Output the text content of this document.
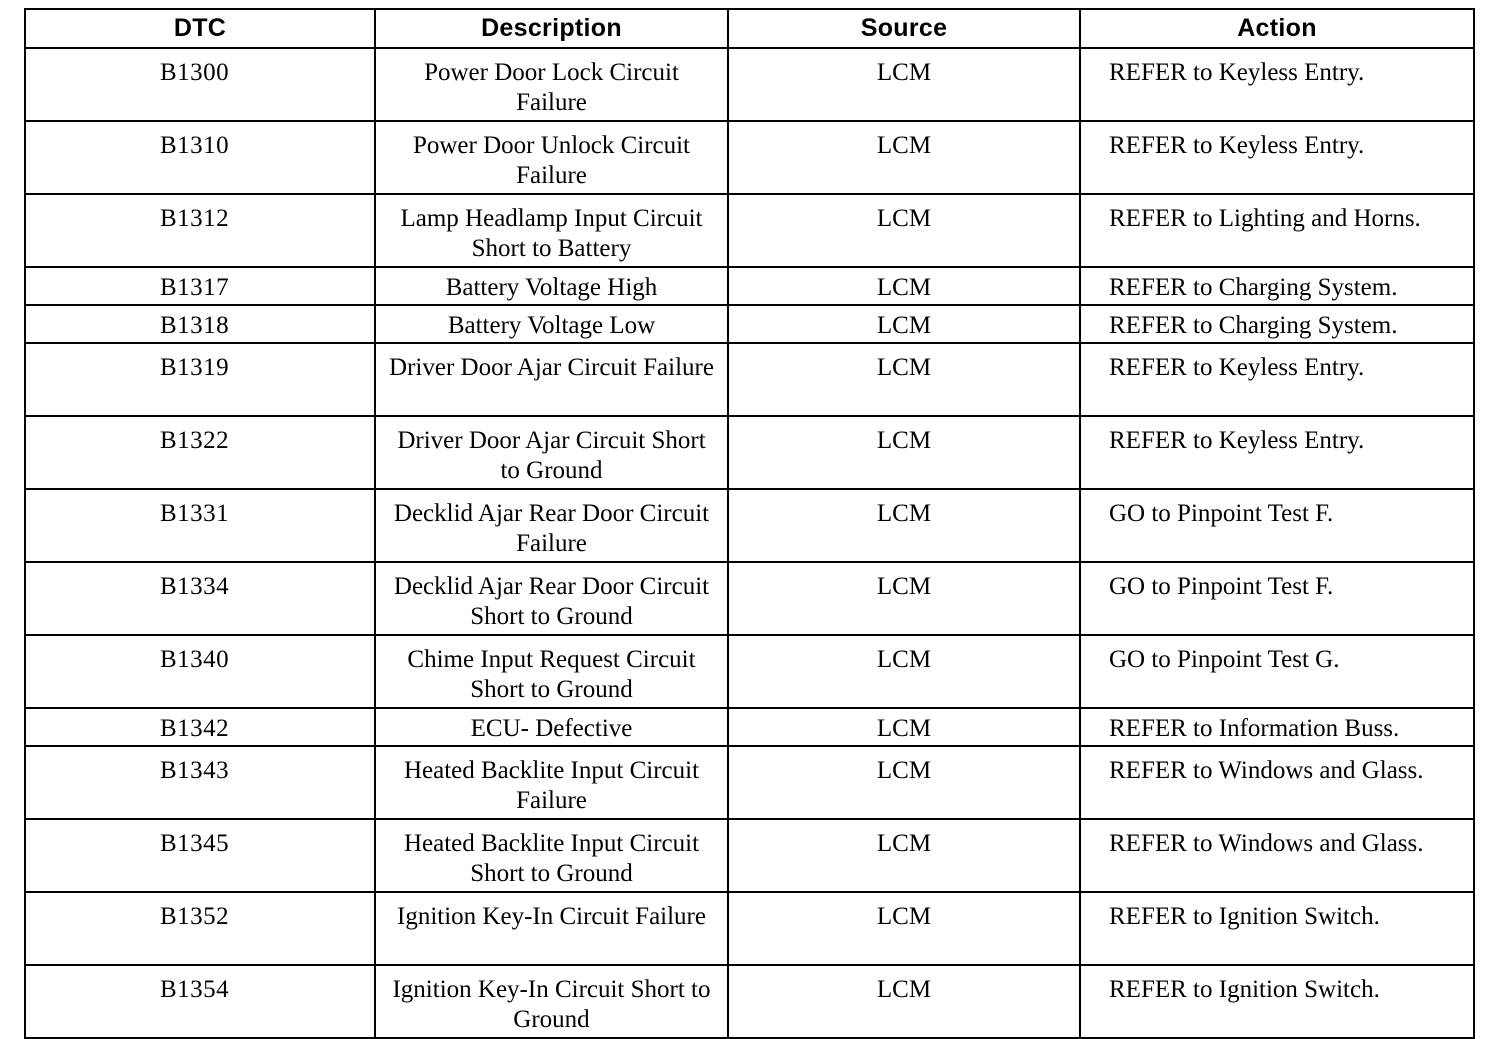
DTC	Description	Source	Action
B1300	Power Door Lock Circuit Failure	LCM	REFER to Keyless Entry.
B1310	Power Door Unlock Circuit Failure	LCM	REFER to Keyless Entry.
B1312	Lamp Headlamp Input Circuit Short to Battery	LCM	REFER to Lighting and Horns.
B1317	Battery Voltage High	LCM	REFER to Charging System.
B1318	Battery Voltage Low	LCM	REFER to Charging System.
B1319	Driver Door Ajar Circuit Failure	LCM	REFER to Keyless Entry.
B1322	Driver Door Ajar Circuit Short to Ground	LCM	REFER to Keyless Entry.
B1331	Decklid Ajar Rear Door Circuit Failure	LCM	GO to Pinpoint Test F.
B1334	Decklid Ajar Rear Door Circuit Short to Ground	LCM	GO to Pinpoint Test F.
B1340	Chime Input Request Circuit Short to Ground	LCM	GO to Pinpoint Test G.
B1342	ECU- Defective	LCM	REFER to Information Buss.
B1343	Heated Backlite Input Circuit Failure	LCM	REFER to Windows and Glass.
B1345	Heated Backlite Input Circuit Short to Ground	LCM	REFER to Windows and Glass.
B1352	Ignition Key-In Circuit Failure	LCM	REFER to Ignition Switch.
B1354	Ignition Key-In Circuit Short to Ground	LCM	REFER to Ignition Switch.
